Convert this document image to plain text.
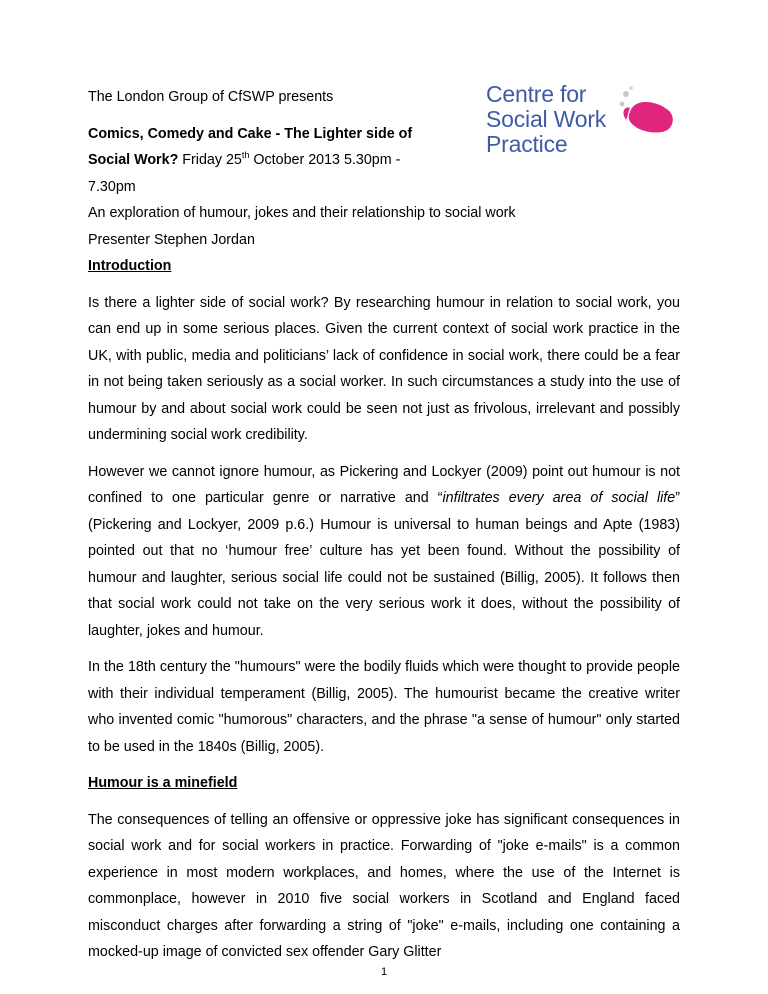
Centre for
Social Work
Practice

The London Group of CfSWP presents

Comics, Comedy and Cake - The Lighter side of

Social Work? Friday 25th October 2013 5.30pm -

7.30pm

An exploration of humour, jokes and their relationship to social work

Presenter Stephen Jordan

Introduction

Is there a lighter side of social work? By researching humour in relation to social work, you can end up in some serious places. Given the current context of social work practice in the UK, with public, media and politicians’ lack of confidence in social work, there could be a fear in not being taken seriously as a social worker. In such circumstances a study into the use of humour by and about social work could be seen not just as frivolous, irrelevant and possibly undermining social work credibility.

However we cannot ignore humour, as Pickering and Lockyer (2009) point out humour is not confined to one particular genre or narrative and “infiltrates every area of social life” (Pickering and Lockyer, 2009 p.6.) Humour is universal to human beings and Apte (1983) pointed out that no ‘humour free’ culture has yet been found. Without the possibility of humour and laughter, serious social life could not be sustained (Billig, 2005). It follows then that social work could not take on the very serious work it does, without the possibility of laughter, jokes and humour.

In the 18th century the "humours" were the bodily fluids which were thought to provide people with their individual temperament (Billig, 2005). The humourist became the creative writer who invented comic "humorous" characters, and the phrase "a sense of humour" only started to be used in the 1840s (Billig, 2005).

Humour is a minefield

The consequences of telling an offensive or oppressive joke has significant consequences in social work and for social workers in practice. Forwarding of "joke e-mails" is a common experience in most modern workplaces, and homes, where the use of the Internet is commonplace, however in 2010 five social workers in Scotland and England faced misconduct charges after forwarding a string of "joke" e-mails, including one containing a mocked-up image of convicted sex offender Gary Glitter

1
